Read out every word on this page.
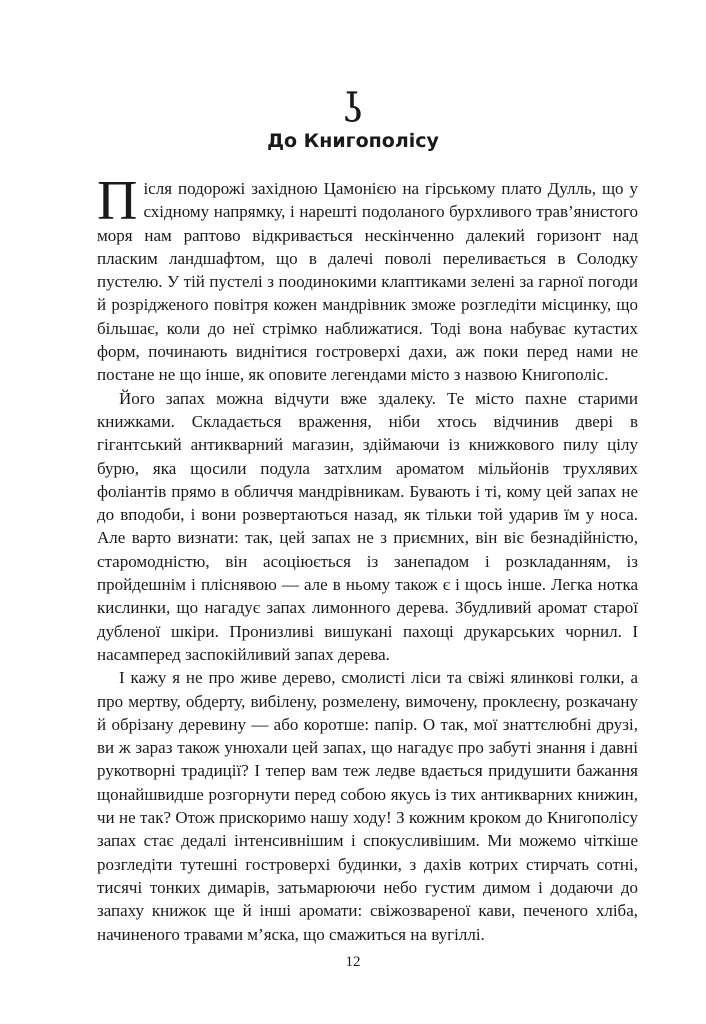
ʖ
До Книгополісу

Після подорожі західною Цамонією на гірському плато Дулль, що у східному напрямку, і нарешті подоланого бурхливого трав’янистого моря нам раптово відкривається нескінченно далекий горизонт над пласким ландшафтом, що в далечі поволі переливається в Солодку пустелю. У тій пустелі з поодинокими клаптиками зелені за гарної погоди й розрідженого повітря кожен мандрівник зможе розгледіти місцинку, що більшає, коли до неї стрімко наближатися. Тоді вона набуває кутастих форм, починають виднітися гостроверхі дахи, аж поки перед нами не постане не що інше, як оповите легендами місто з назвою Книгополіс.

Його запах можна відчути вже здалеку. Те місто пахне старими книжками. Складається враження, ніби хтось відчинив двері в гігантський антикварний магазин, здіймаючи із книжкового пилу цілу бурю, яка щосили подула затхлим ароматом мільйонів трухлявих фоліантів прямо в обличчя мандрівникам. Бувають і ті, кому цей запах не до вподоби, і вони розвертаються назад, як тільки той ударив їм у носа. Але варто визнати: так, цей запах не з приємних, він віє безнадійністю, старомодністю, він асоціюється із занепадом і розкладанням, із пройдешнім і пліснявою — але в ньому також є і щось інше. Легка нотка кислинки, що нагадує запах лимонного дерева. Збудливий аромат старої дубленої шкіри. Пронизливі вишукані пахощі друкарських чорнил. І насамперед заспокійливий запах дерева.

І кажу я не про живе дерево, смолисті ліси та свіжі ялинкові голки, а про мертву, обдерту, вибілену, розмелену, вимочену, проклеєну, розкачану й обрізану деревину — або коротше: папір. О так, мої знаттєлюбні друзі, ви ж зараз також унюхали цей запах, що нагадує про забуті знання і давні рукотворні традиції? І тепер вам теж ледве вдається придушити бажання щонайшвидше розгорнути перед собою якусь із тих антикварних книжин, чи не так? Отож прискоримо нашу ходу! З кожним кроком до Книгополісу запах стає дедалі інтенсивнішим і спокусливішим. Ми можемо чіткіше розгледіти тутешні гостроверхі будинки, з дахів котрих стирчать сотні, тисячі тонких димарів, затьмарюючи небо густим димом і додаючи до запаху книжок ще й інші аромати: свіжозвареної кави, печеного хліба, начиненого травами м’яска, що смажиться на вугіллі.

12
